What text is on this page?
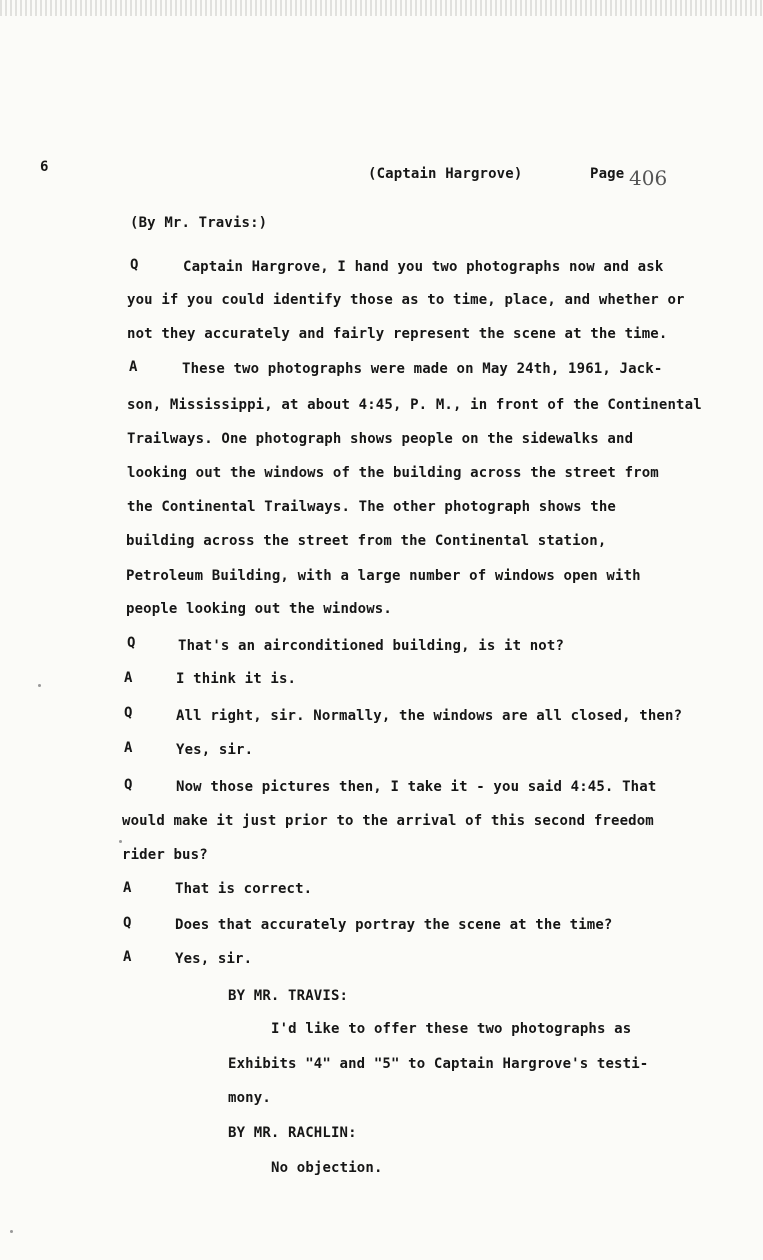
6	(Captain Hargrove)	Page 406
(By Mr. Travis:)
Q	Captain Hargrove, I hand you two photographs now and ask
you if you could identify those as to time, place, and whether or
not they accurately and fairly represent the scene at the time.
A	These two photographs were made on May 24th, 1961, Jack-
son, Mississippi, at about 4:45, P. M., in front of the Continental
Trailways. One photograph shows people on the sidewalks and
looking out the windows of the building across the street from
the Continental Trailways. The other photograph shows the
building across the street from the Continental station,
Petroleum Building, with a large number of windows open with
people looking out the windows.
Q	That's an airconditioned building, is it not?
A	I think it is.
Q	All right, sir. Normally, the windows are all closed, then?
A	Yes, sir.
Q	Now those pictures then, I take it - you said 4:45. That
would make it just prior to the arrival of this second freedom
rider bus?
A	That is correct.
Q	Does that accurately portray the scene at the time?
A	Yes, sir.
BY MR. TRAVIS:
I'd like to offer these two photographs as
Exhibits "4" and "5" to Captain Hargrove's testi-
mony.
BY MR. RACHLIN:
No objection.
